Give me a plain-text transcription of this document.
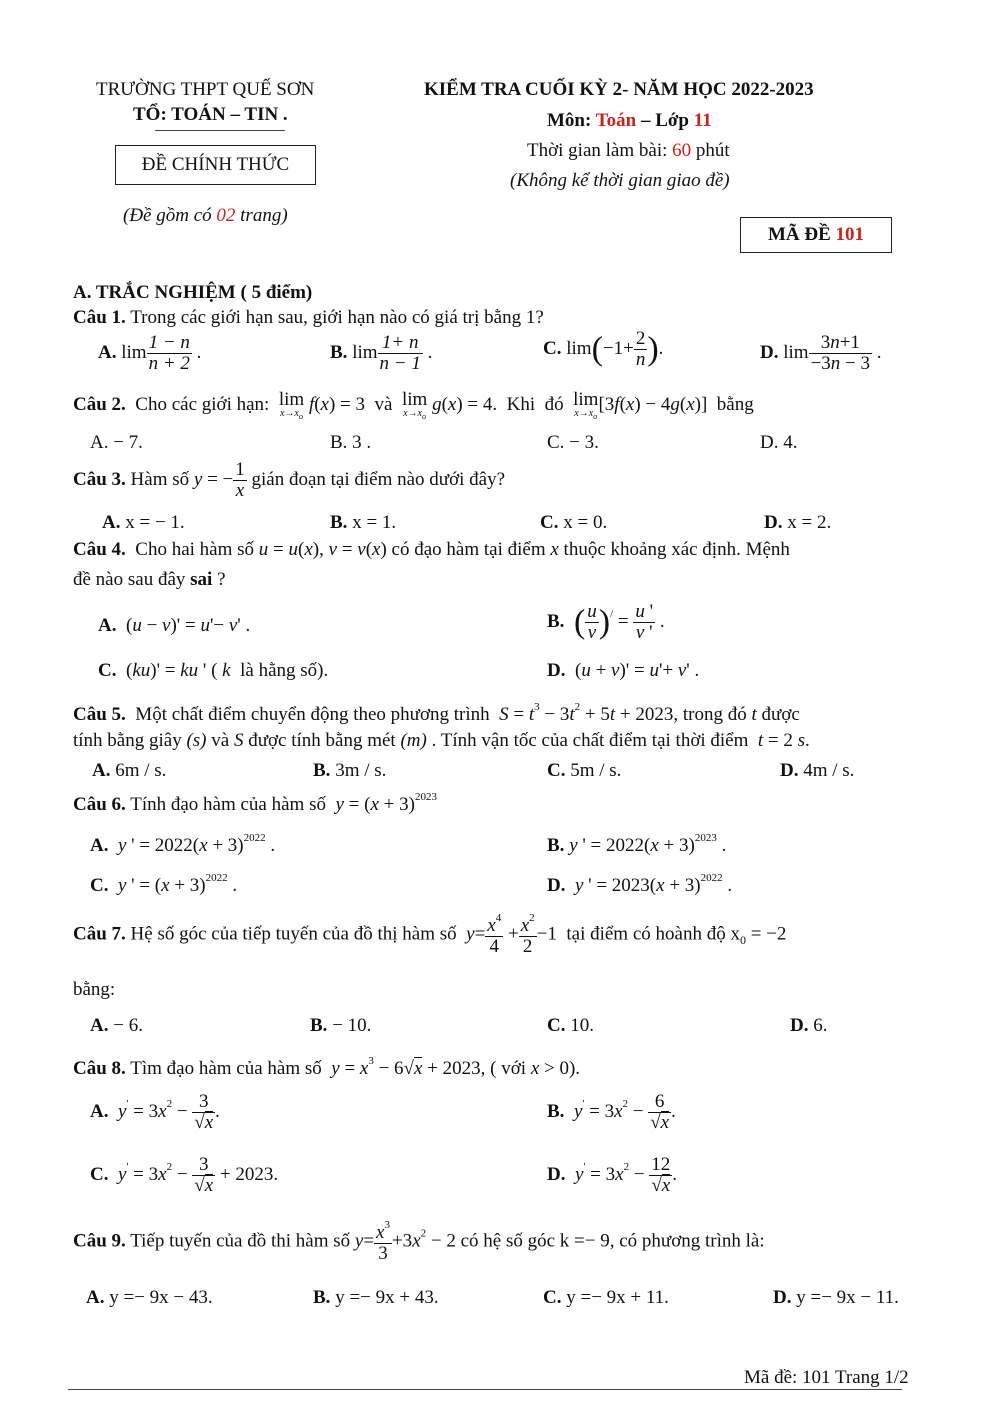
TRƯỜNG THPT QUẾ SƠN
TỔ: TOÁN – TIN .
ĐỀ CHÍNH THỨC
(Đề gồm có 02 trang)
KIỂM TRA CUỐI KỲ 2- NĂM HỌC 2022-2023
Môn: Toán – Lớp 11
Thời gian làm bài: 60 phút
(Không kể thời gian giao đề)
MÃ ĐỀ 101
A. TRẮC NGHIỆM ( 5 điểm)
Câu 1. Trong các giới hạn sau, giới hạn nào có giá trị bằng 1?
A. $\lim \frac{1 - n}{n + 2}$ .	B. $\lim \frac{1+ n}{n - 1}$ .	C. $\lim(-1+ \frac{2}{n}$ ).	D. $\lim \frac{3n+1}{-3n - 3}$ .
Câu 2. Cho các giới hạn: lim
$x\to x_o$
f(x) = 3  và  lim
$x\to x_o$
g(x) = 4.  Khi  đó  lim
$x\to x_o$
[3f(x) − 4g(x)]  bằng
A. − 7.	B. 3 .	C. − 3.	D. 4.
Câu 3. Hàm số y = − $\frac{1}{x}$ gián đoạn tại điểm nào dưới đây?
A. x = − 1.	B. x = 1.	C. x = 0.	D. x = 2.
Câu 4. Cho hai hàm số u = u(x), v = v(x) có đạo hàm tại điểm x thuộc khoảng xác định. Mệnh
đề nào sau đây sai ?
A.  (u − v)' = u'− v' .	B. ( $\frac{u}{v} )^/ = \frac{u '}{v '}$ .
C.  (ku)' = ku ' ( k  là hằng số).	D.  (u + v)' = u'+ v' .
Câu 5. Một chất điểm chuyển động theo phương trình $S = t^3 - 3t^2 + 5t + 2023$, trong đó t được
tính bằng giây (s) và S được tính bằng mét (m) . Tính vận tốc của chất điểm tại thời điểm t = 2 s.
A. 6m / s.	B. 3m / s.	C. 5m / s.	D. 4m / s.
Câu 6. Tính đạo hàm của hàm số $y = (x + 3)^{2023}$
A. y ' = $2022(x + 3)^{2022}$ .	B. y ' = $2022(x + 3)^{2023}$ .
C. y ' = $(x + 3)^{2022}$ .	D. y ' = $2023(x + 3)^{2022}$ .
Câu 7. Hệ số góc của tiếp tuyến của đồ thị hàm số $y= \frac{x^4}{4} + \frac{x^2}{2} -1$  tại điểm có hoành độ $x_0 = -2$
bằng:
A. − 6.	B. − 10.	C. 10.	D. 6.
Câu 8. Tìm đạo hàm của hàm số $y = x^3 - 6√x + 2023$, ( với x > 0).
A. $y' = 3x^2 - \frac{3}{√x}$ .	B. $y' = 3x^2 - \frac{6}{√x}$ .
C. $y' = 3x^2 - \frac{3}{√x} + 2023$.	D. $y' = 3x^2 - \frac{12}{√x}$ .
Câu 9. Tiếp tuyến của đồ thi hàm số $y= \frac{x^3}{3} +3x^2 - 2$ có hệ số góc k =− 9, có phương trình là:
A. y =− 9x − 43.	B. y =− 9x + 43.	C. y =− 9x + 11.	D. y =− 9x − 11.
Mã đề: 101 Trang 1/2
